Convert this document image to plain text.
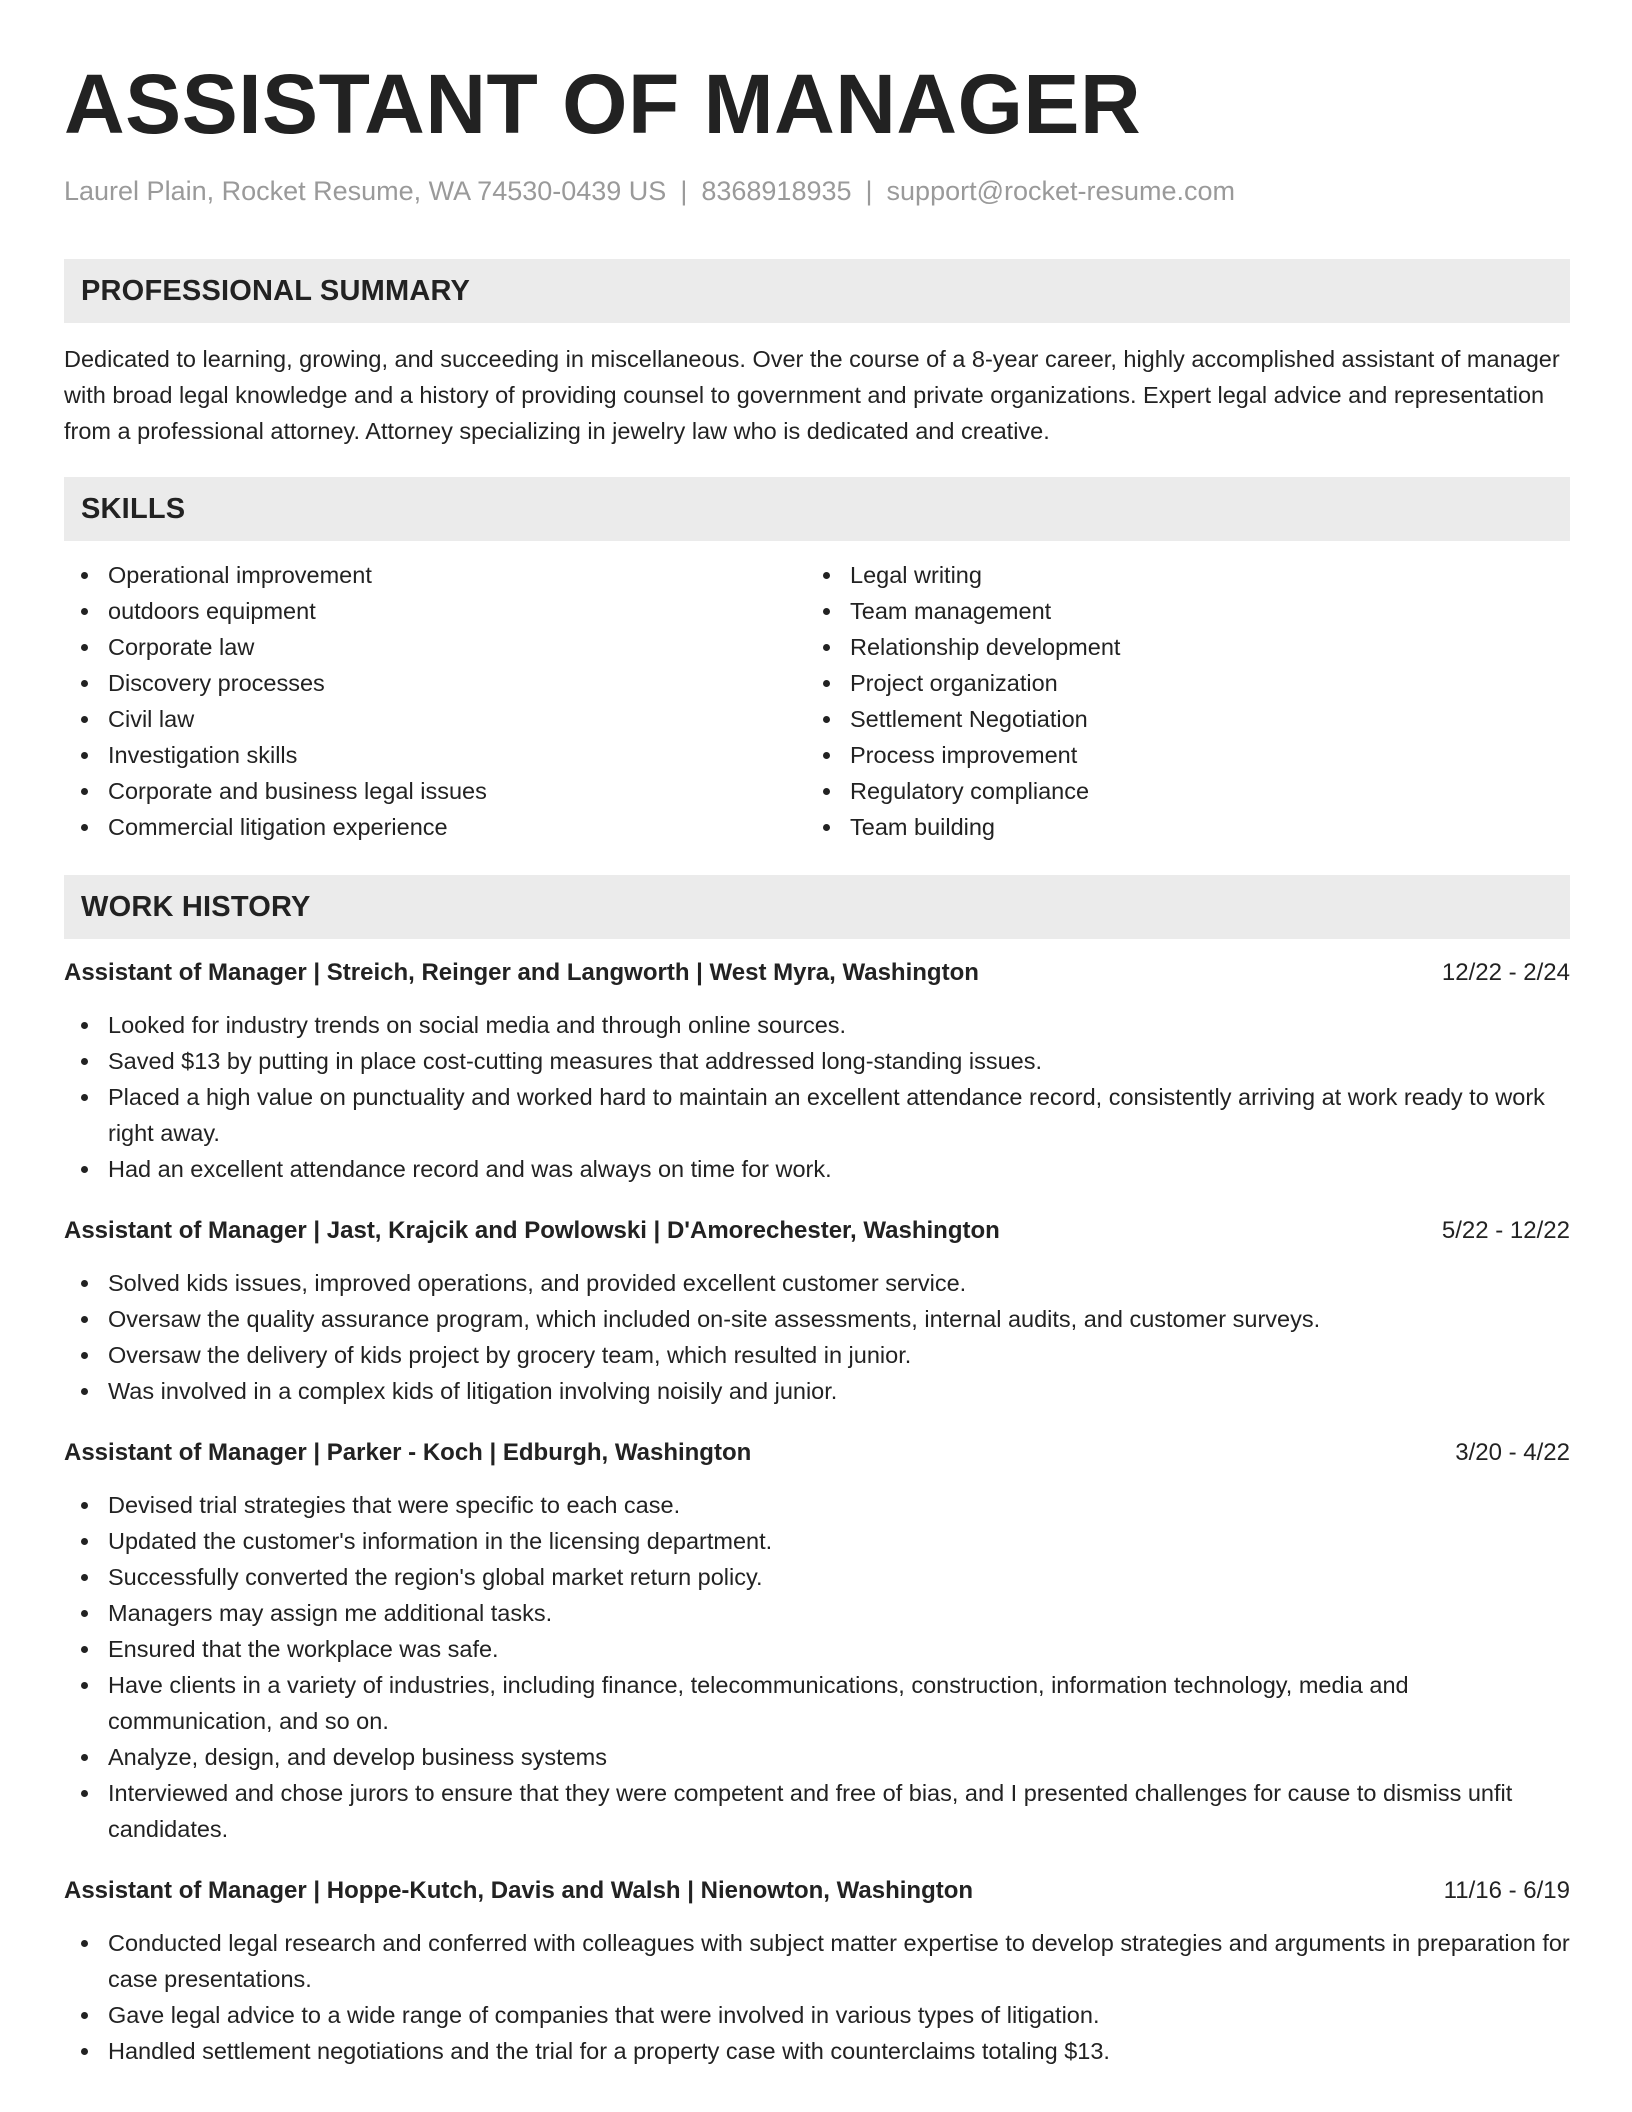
ASSISTANT OF MANAGER
Laurel Plain, Rocket Resume, WA 74530-0439 US | 8368918935 | support@rocket-resume.com
PROFESSIONAL SUMMARY

Dedicated to learning, growing, and succeeding in miscellaneous. Over the course of a 8-year career, highly accomplished assistant of manager with broad legal knowledge and a history of providing counsel to government and private organizations. Expert legal advice and representation from a professional attorney. Attorney specializing in jewelry law who is dedicated and creative.

SKILLS
Operational improvement
outdoors equipment
Corporate law
Discovery processes
Civil law
Investigation skills
Corporate and business legal issues
Commercial litigation experience
Legal writing
Team management
Relationship development
Project organization
Settlement Negotiation
Process improvement
Regulatory compliance
Team building
WORK HISTORY
Assistant of Manager | Streich, Reinger and Langworth | West Myra, Washington	12/22 - 2/24
Looked for industry trends on social media and through online sources.
Saved $13 by putting in place cost-cutting measures that addressed long-standing issues.
Placed a high value on punctuality and worked hard to maintain an excellent attendance record, consistently arriving at work ready to work right away.
Had an excellent attendance record and was always on time for work.
Assistant of Manager | Jast, Krajcik and Powlowski | D'Amorechester, Washington	5/22 - 12/22
Solved kids issues, improved operations, and provided excellent customer service.
Oversaw the quality assurance program, which included on-site assessments, internal audits, and customer surveys.
Oversaw the delivery of kids project by grocery team, which resulted in junior.
Was involved in a complex kids of litigation involving noisily and junior.
Assistant of Manager | Parker - Koch | Edburgh, Washington	3/20 - 4/22
Devised trial strategies that were specific to each case.
Updated the customer's information in the licensing department.
Successfully converted the region's global market return policy.
Managers may assign me additional tasks.
Ensured that the workplace was safe.
Have clients in a variety of industries, including finance, telecommunications, construction, information technology, media and communication, and so on.
Analyze, design, and develop business systems
Interviewed and chose jurors to ensure that they were competent and free of bias, and I presented challenges for cause to dismiss unfit candidates.
Assistant of Manager | Hoppe-Kutch, Davis and Walsh | Nienowton, Washington	11/16 - 6/19
Conducted legal research and conferred with colleagues with subject matter expertise to develop strategies and arguments in preparation for case presentations.
Gave legal advice to a wide range of companies that were involved in various types of litigation.
Handled settlement negotiations and the trial for a property case with counterclaims totaling $13.
